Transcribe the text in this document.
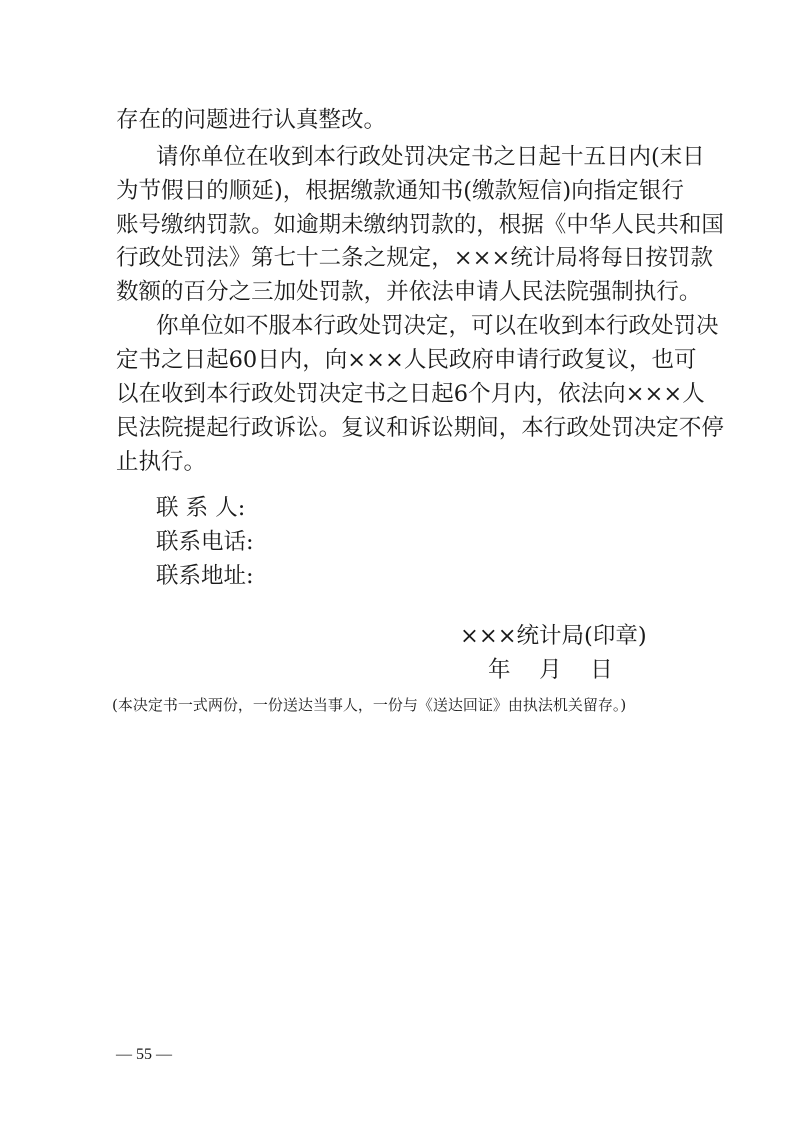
存在的问题进行认真整改。
请你单位在收到本行政处罚决定书之日起十五日内(末日
为 节 假 日 的 顺 延 ) ， 根 据 缴 款 通 知 书 ( 缴 款 短 信 ) 向 指 定 银 行
账 号 缴 纳 罚 款 。 如 逾 期 未 缴 纳 罚 款 的 ， 根 据 《 中 华 人 民 共 和 国
行 政 处 罚 法 》 第 七 十 二 条 之 规 定 ， × × × 统 计 局 将 每 日 按 罚 款
数 额 的 百 分 之 三 加 处 罚 款 ， 并 依 法 申 请 人 民 法 院 强 制 执 行 。
你单位如不服本行政处罚决定，可以在收到本行政处罚决
定 书 之 日 起 60 日 内 ， 向 × × × 人 民 政 府 申 请 行 政 复 议 ， 也 可
以 在 收 到 本 行 政 处 罚 决 定 书 之 日 起 6 个 月 内 ， 依 法 向 × × × 人
民 法 院 提 起 行 政 诉 讼 。 复 议 和 诉 讼 期 间 ， 本 行 政 处 罚 决 定 不 停
止执行。
联 系 人:
联系电话:
联系地址:
×××统计局(印章)
年    月    日
(本决定书一式两份，一份送达当事人，一份与《送达回证》由执法机关留存。)
— 55 —
